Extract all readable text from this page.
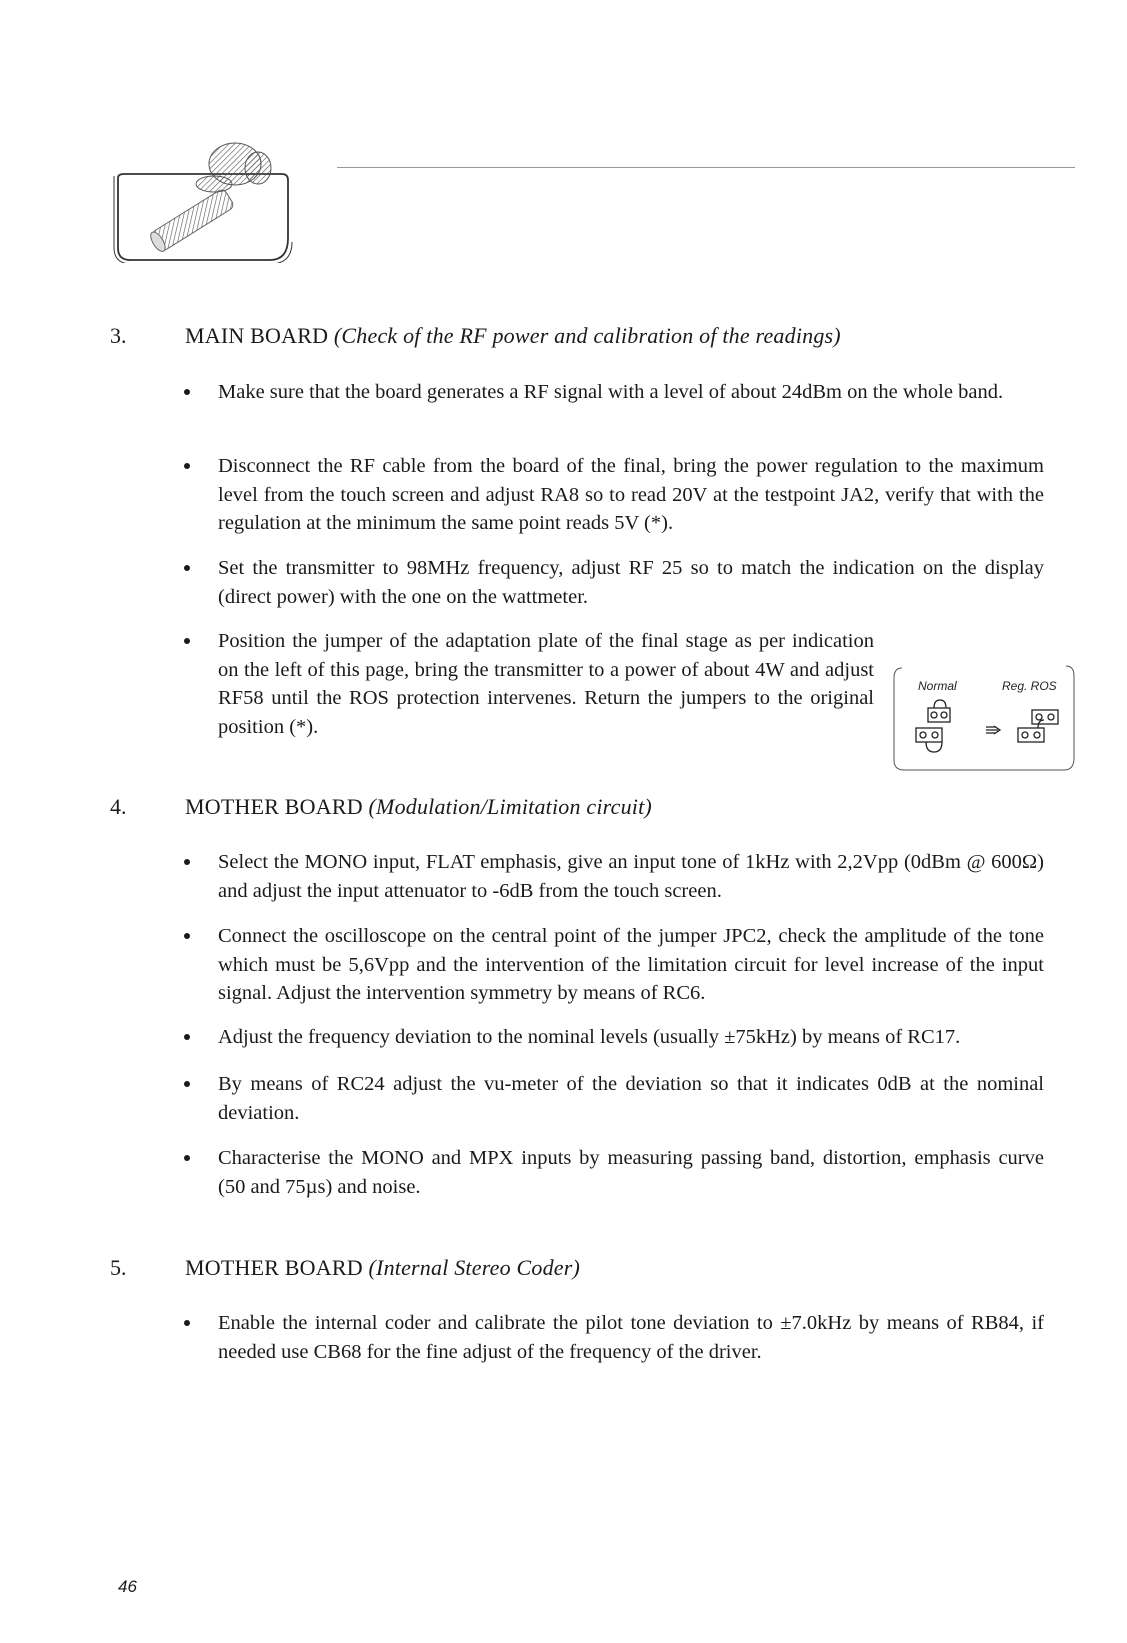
3.	MAIN BOARD (Check of the RF power and calibration of the readings)
Make sure that the board generates a RF signal with a level of about 24dBm on the whole band.
Disconnect the RF cable from the board of the final, bring the power regulation to the maximum level from the touch screen and adjust RA8 so to read 20V at the testpoint JA2, verify that with the regulation at the minimum the same point reads 5V (*).
Set the transmitter to 98MHz frequency, adjust RF 25 so to match the indication on the display (direct power) with the one on the wattmeter.
Position the jumper of the adaptation plate of the final stage as per indication on the left of this page, bring the transmitter to a power of about 4W and adjust RF58 until the ROS protection intervenes. Return the jumpers to the original position (*).
Normal	Reg. ROS
4.	MOTHER BOARD (Modulation/Limitation circuit)
Select the MONO input, FLAT emphasis, give an input tone of 1kHz with 2,2Vpp (0dBm @ 600Ω) and adjust the input attenuator to -6dB from the touch screen.
Connect the oscilloscope on the central point of the jumper JPC2, check the amplitude of the tone which must be 5,6Vpp and the intervention of the limitation circuit for level increase of the input signal. Adjust the intervention symmetry by means of RC6.
Adjust the frequency deviation to the nominal levels (usually ±75kHz) by means of RC17.
By means of RC24 adjust the vu-meter of the deviation so that it indicates 0dB at the nominal deviation.
Characterise the MONO and MPX inputs by measuring passing band, distortion, emphasis curve (50 and 75µs) and noise.
5.	MOTHER BOARD (Internal Stereo Coder)
Enable the internal coder and calibrate the pilot tone deviation to ±7.0kHz by means of RB84, if needed use CB68 for the fine adjust of the frequency of the driver.
46
